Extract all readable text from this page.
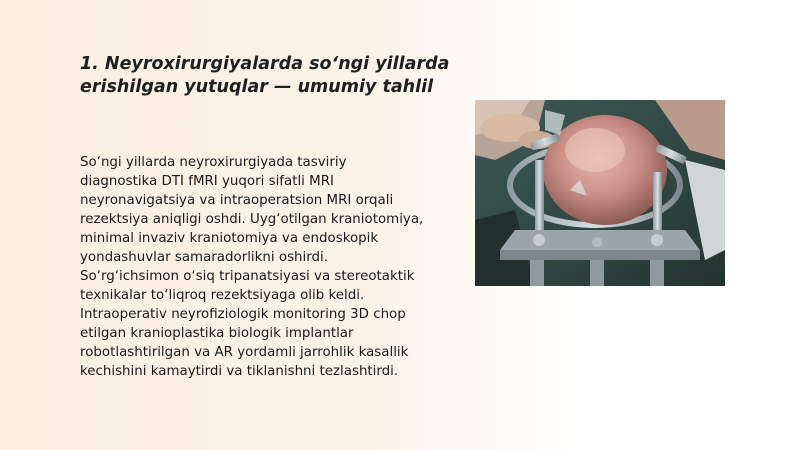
1. Neyroxirurgiyalarda so‘ngi yillarda erishilgan yutuqlar — umumiy tahlil

So‘ngi yillarda neyroxirurgiyada tasviriy diagnostika DTI fMRI yuqori sifatli MRI neyronavigatsiya va intraoperatsion MRI orqali rezektsiya aniqligi oshdi. Uyg‘otilgan kraniotomiya, minimal invaziv kraniotomiya va endoskopik yondashuvlar samaradorlikni oshirdi. So‘rg‘ichsimon o‘siq tripanatsiyasi va stereotaktik texnikalar to‘liqroq rezektsiyaga olib keldi. Intraoperativ neyrofiziologik monitoring 3D chop etilgan kranioplastika biologik implantlar robotlashtirilgan va AR yordamli jarrohlik kasallik kechishini kamaytirdi va tiklanishni tezlashtirdi.
